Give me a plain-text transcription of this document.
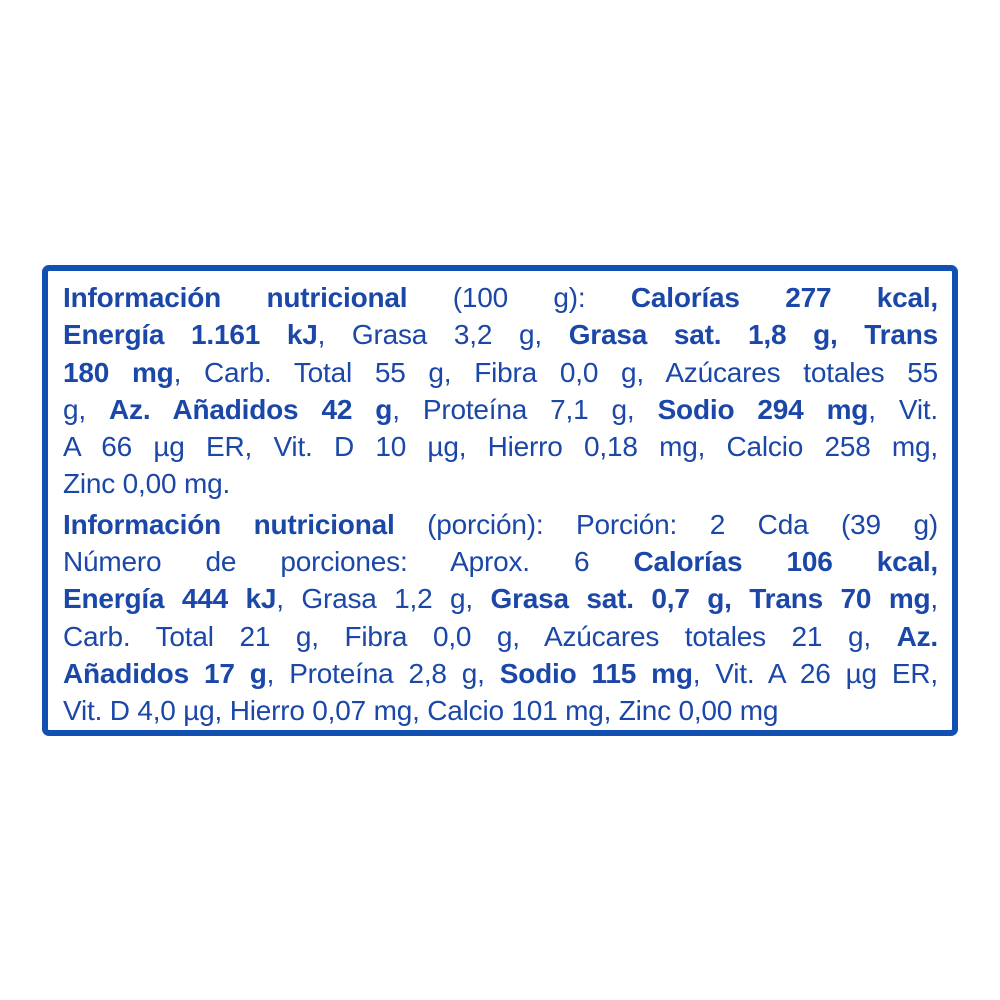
Información nutricional (100 g): Calorías 277 kcal,
Energía 1.161 kJ, Grasa 3,2 g, Grasa sat. 1,8 g, Trans
180 mg, Carb. Total 55 g, Fibra 0,0 g, Azúcares totales 55
g, Az. Añadidos 42 g, Proteína 7,1 g, Sodio 294 mg, Vit.
A 66 µg ER, Vit. D 10 µg, Hierro 0,18 mg, Calcio 258 mg,
Zinc 0,00 mg.
Información nutricional (porción): Porción: 2 Cda (39 g)
Número de porciones: Aprox. 6 Calorías 106 kcal,
Energía 444 kJ, Grasa 1,2 g, Grasa sat. 0,7 g, Trans 70 mg,
Carb. Total 21 g, Fibra 0,0 g, Azúcares totales 21 g, Az.
Añadidos 17 g, Proteína 2,8 g, Sodio 115 mg, Vit. A 26 µg ER,
Vit. D 4,0 µg, Hierro 0,07 mg, Calcio 101 mg, Zinc 0,00 mg
